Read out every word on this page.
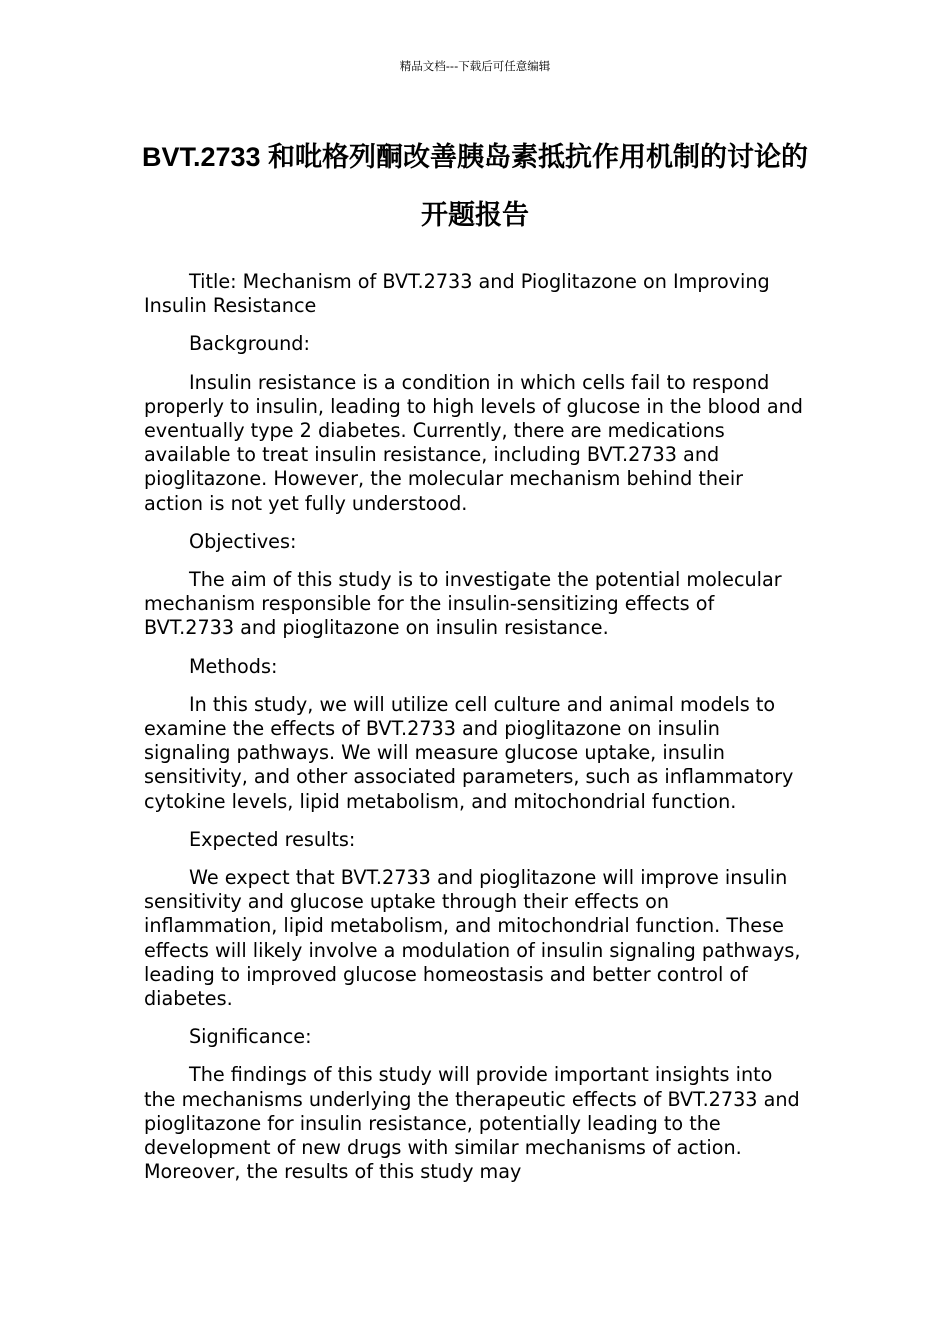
精品文档---下载后可任意编辑
BVT.2733 和吡格列酮改善胰岛素抵抗作用机制的讨论的开题报告

Title: Mechanism of BVT.2733 and Pioglitazone on Improving Insulin Resistance

Background:

Insulin resistance is a condition in which cells fail to respond properly to insulin, leading to high levels of glucose in the blood and eventually type 2 diabetes. Currently, there are medications available to treat insulin resistance, including BVT.2733 and pioglitazone. However, the molecular mechanism behind their action is not yet fully understood.

Objectives:

The aim of this study is to investigate the potential molecular mechanism responsible for the insulin-sensitizing effects of BVT.2733 and pioglitazone on insulin resistance.

Methods:

In this study, we will utilize cell culture and animal models to examine the effects of BVT.2733 and pioglitazone on insulin signaling pathways. We will measure glucose uptake, insulin sensitivity, and other associated parameters, such as inflammatory cytokine levels, lipid metabolism, and mitochondrial function.

Expected results:

We expect that BVT.2733 and pioglitazone will improve insulin sensitivity and glucose uptake through their effects on inflammation, lipid metabolism, and mitochondrial function. These effects will likely involve a modulation of insulin signaling pathways, leading to improved glucose homeostasis and better control of diabetes.

Significance:

The findings of this study will provide important insights into the mechanisms underlying the therapeutic effects of BVT.2733 and pioglitazone for insulin resistance, potentially leading to the development of new drugs with similar mechanisms of action. Moreover, the results of this study may
